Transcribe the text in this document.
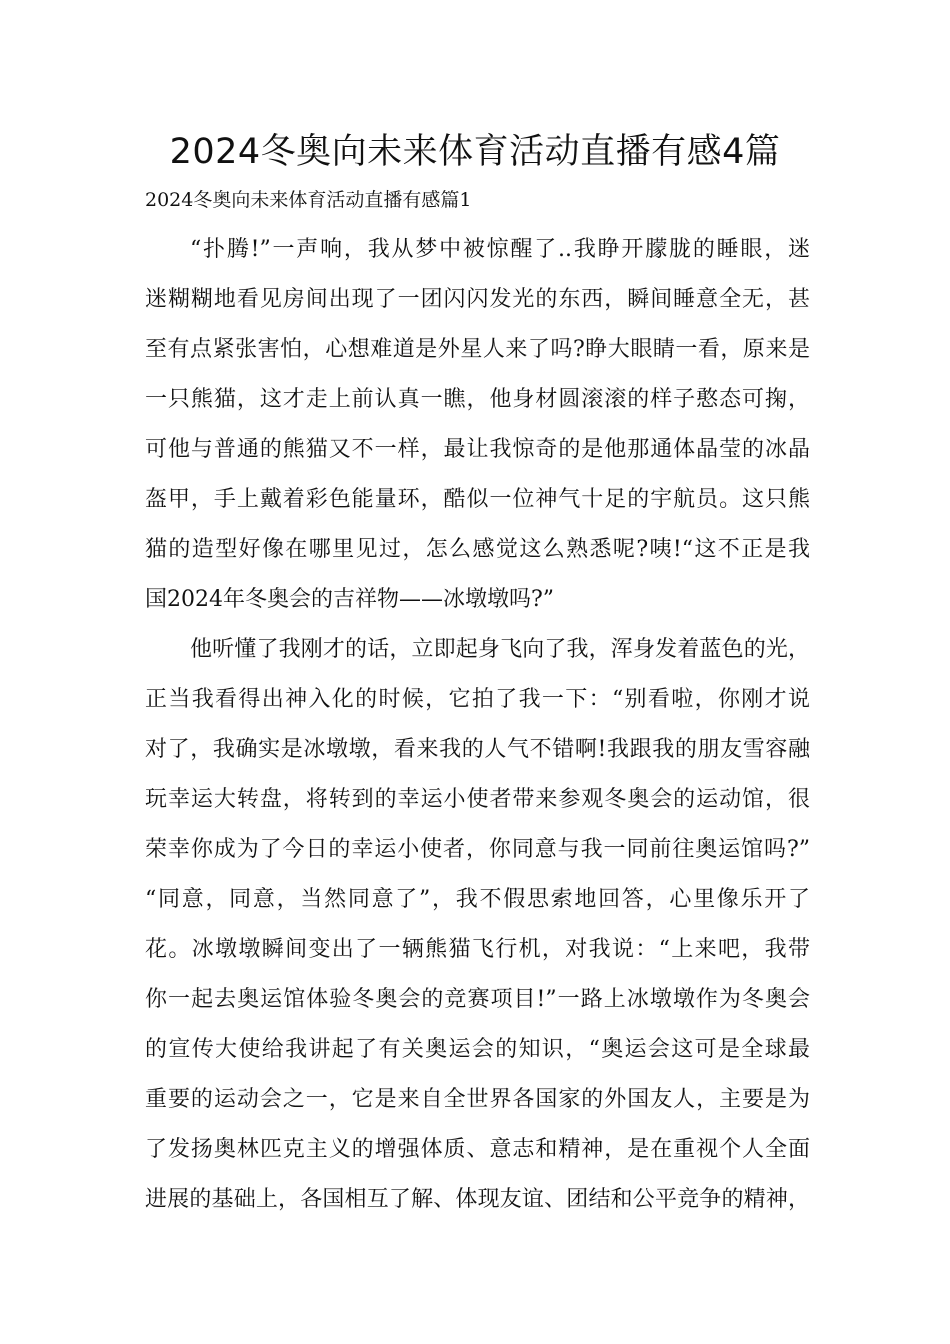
2024冬奥向未来体育活动直播有感4篇

2024冬奥向未来体育活动直播有感篇1

“扑腾!”一声响，我从梦中被惊醒了..我睁开朦胧的睡眼，迷
迷糊糊地看见房间出现了一团闪闪发光的东西，瞬间睡意全无，甚
至有点紧张害怕，心想难道是外星人来了吗?睁大眼睛一看，原来是
一只熊猫，这才走上前认真一瞧，他身材圆滚滚的样子憨态可掬，
可他与普通的熊猫又不一样，最让我惊奇的是他那通体晶莹的冰晶
盔甲，手上戴着彩色能量环，酷似一位神气十足的宇航员。这只熊
猫的造型好像在哪里见过，怎么感觉这么熟悉呢?咦!“这不正是我
国2024年冬奥会的吉祥物——冰墩墩吗?”
他听懂了我刚才的话，立即起身飞向了我，浑身发着蓝色的光，
正当我看得出神入化的时候，它拍了我一下：“别看啦，你刚才说
对了，我确实是冰墩墩，看来我的人气不错啊!我跟我的朋友雪容融
玩幸运大转盘，将转到的幸运小使者带来参观冬奥会的运动馆，很
荣幸你成为了今日的幸运小使者，你同意与我一同前往奥运馆吗?”
“同意，同意，当然同意了”，我不假思索地回答，心里像乐开了
花。冰墩墩瞬间变出了一辆熊猫飞行机，对我说：“上来吧，我带
你一起去奥运馆体验冬奥会的竞赛项目!”一路上冰墩墩作为冬奥会
的宣传大使给我讲起了有关奥运会的知识，“奥运会这可是全球最
重要的运动会之一，它是来自全世界各国家的外国友人，主要是为
了发扬奥林匹克主义的增强体质、意志和精神，是在重视个人全面
进展的基础上，各国相互了解、体现友谊、团结和公平竞争的精神，
